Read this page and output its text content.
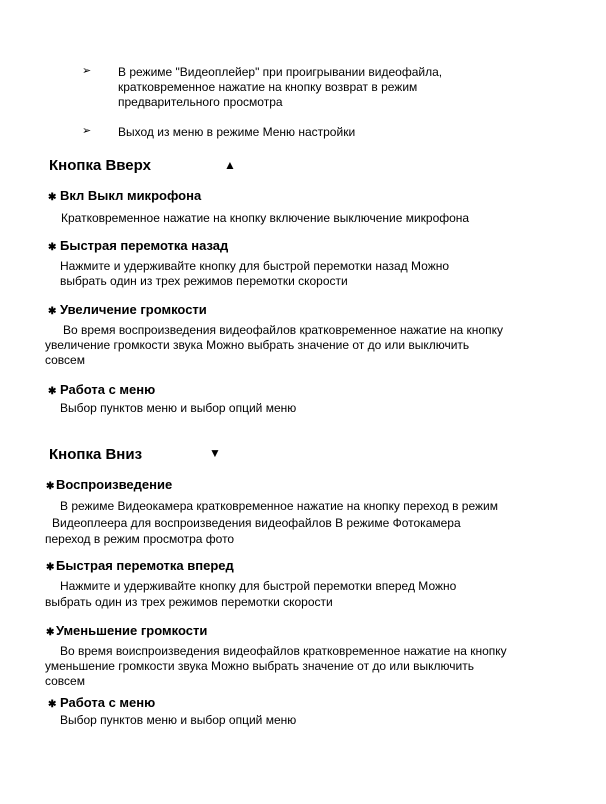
➢ В режиме "Видеоплейер" при проигрывании видеофайла,
кратковременное нажатие на кнопку возврат в режим
предварительного просмотра
➢ Выход из меню в режиме Меню настройки
Кнопка Вверх	▲
✱ Вкл Выкл микрофона
Кратковременное нажатие на кнопку включение выключение микрофона
✱ Быстрая перемотка назад
Нажмите и удерживайте кнопку для быстрой перемотки назад Можно
выбрать один из трех режимов перемотки скорости
✱ Увеличение громкости
Во время воспроизведения видеофайлов кратковременное нажатие на кнопку
увеличение громкости звука Можно выбрать значение от до или выключить
совсем
✱ Работа с меню
Выбор пунктов меню и выбор опций меню
Кнопка Вниз	▼
✱ Воспроизведение
В режиме Видеокамера кратковременное нажатие на кнопку переход в режим
Видеоплеера для воспроизведения видеофайлов В режиме Фотокамера
переход в режим просмотра фото
✱ Быстрая перемотка вперед
Нажмите и удерживайте кнопку для быстрой перемотки вперед Можно
выбрать один из трех режимов перемотки скорости
✱ Уменьшение громкости
Во время воиспроизведения видеофайлов кратковременное нажатие на кнопку
уменьшение громкости звука Можно выбрать значение от до или выключить
совсем
✱ Работа с меню
Выбор пунктов меню и выбор опций меню
